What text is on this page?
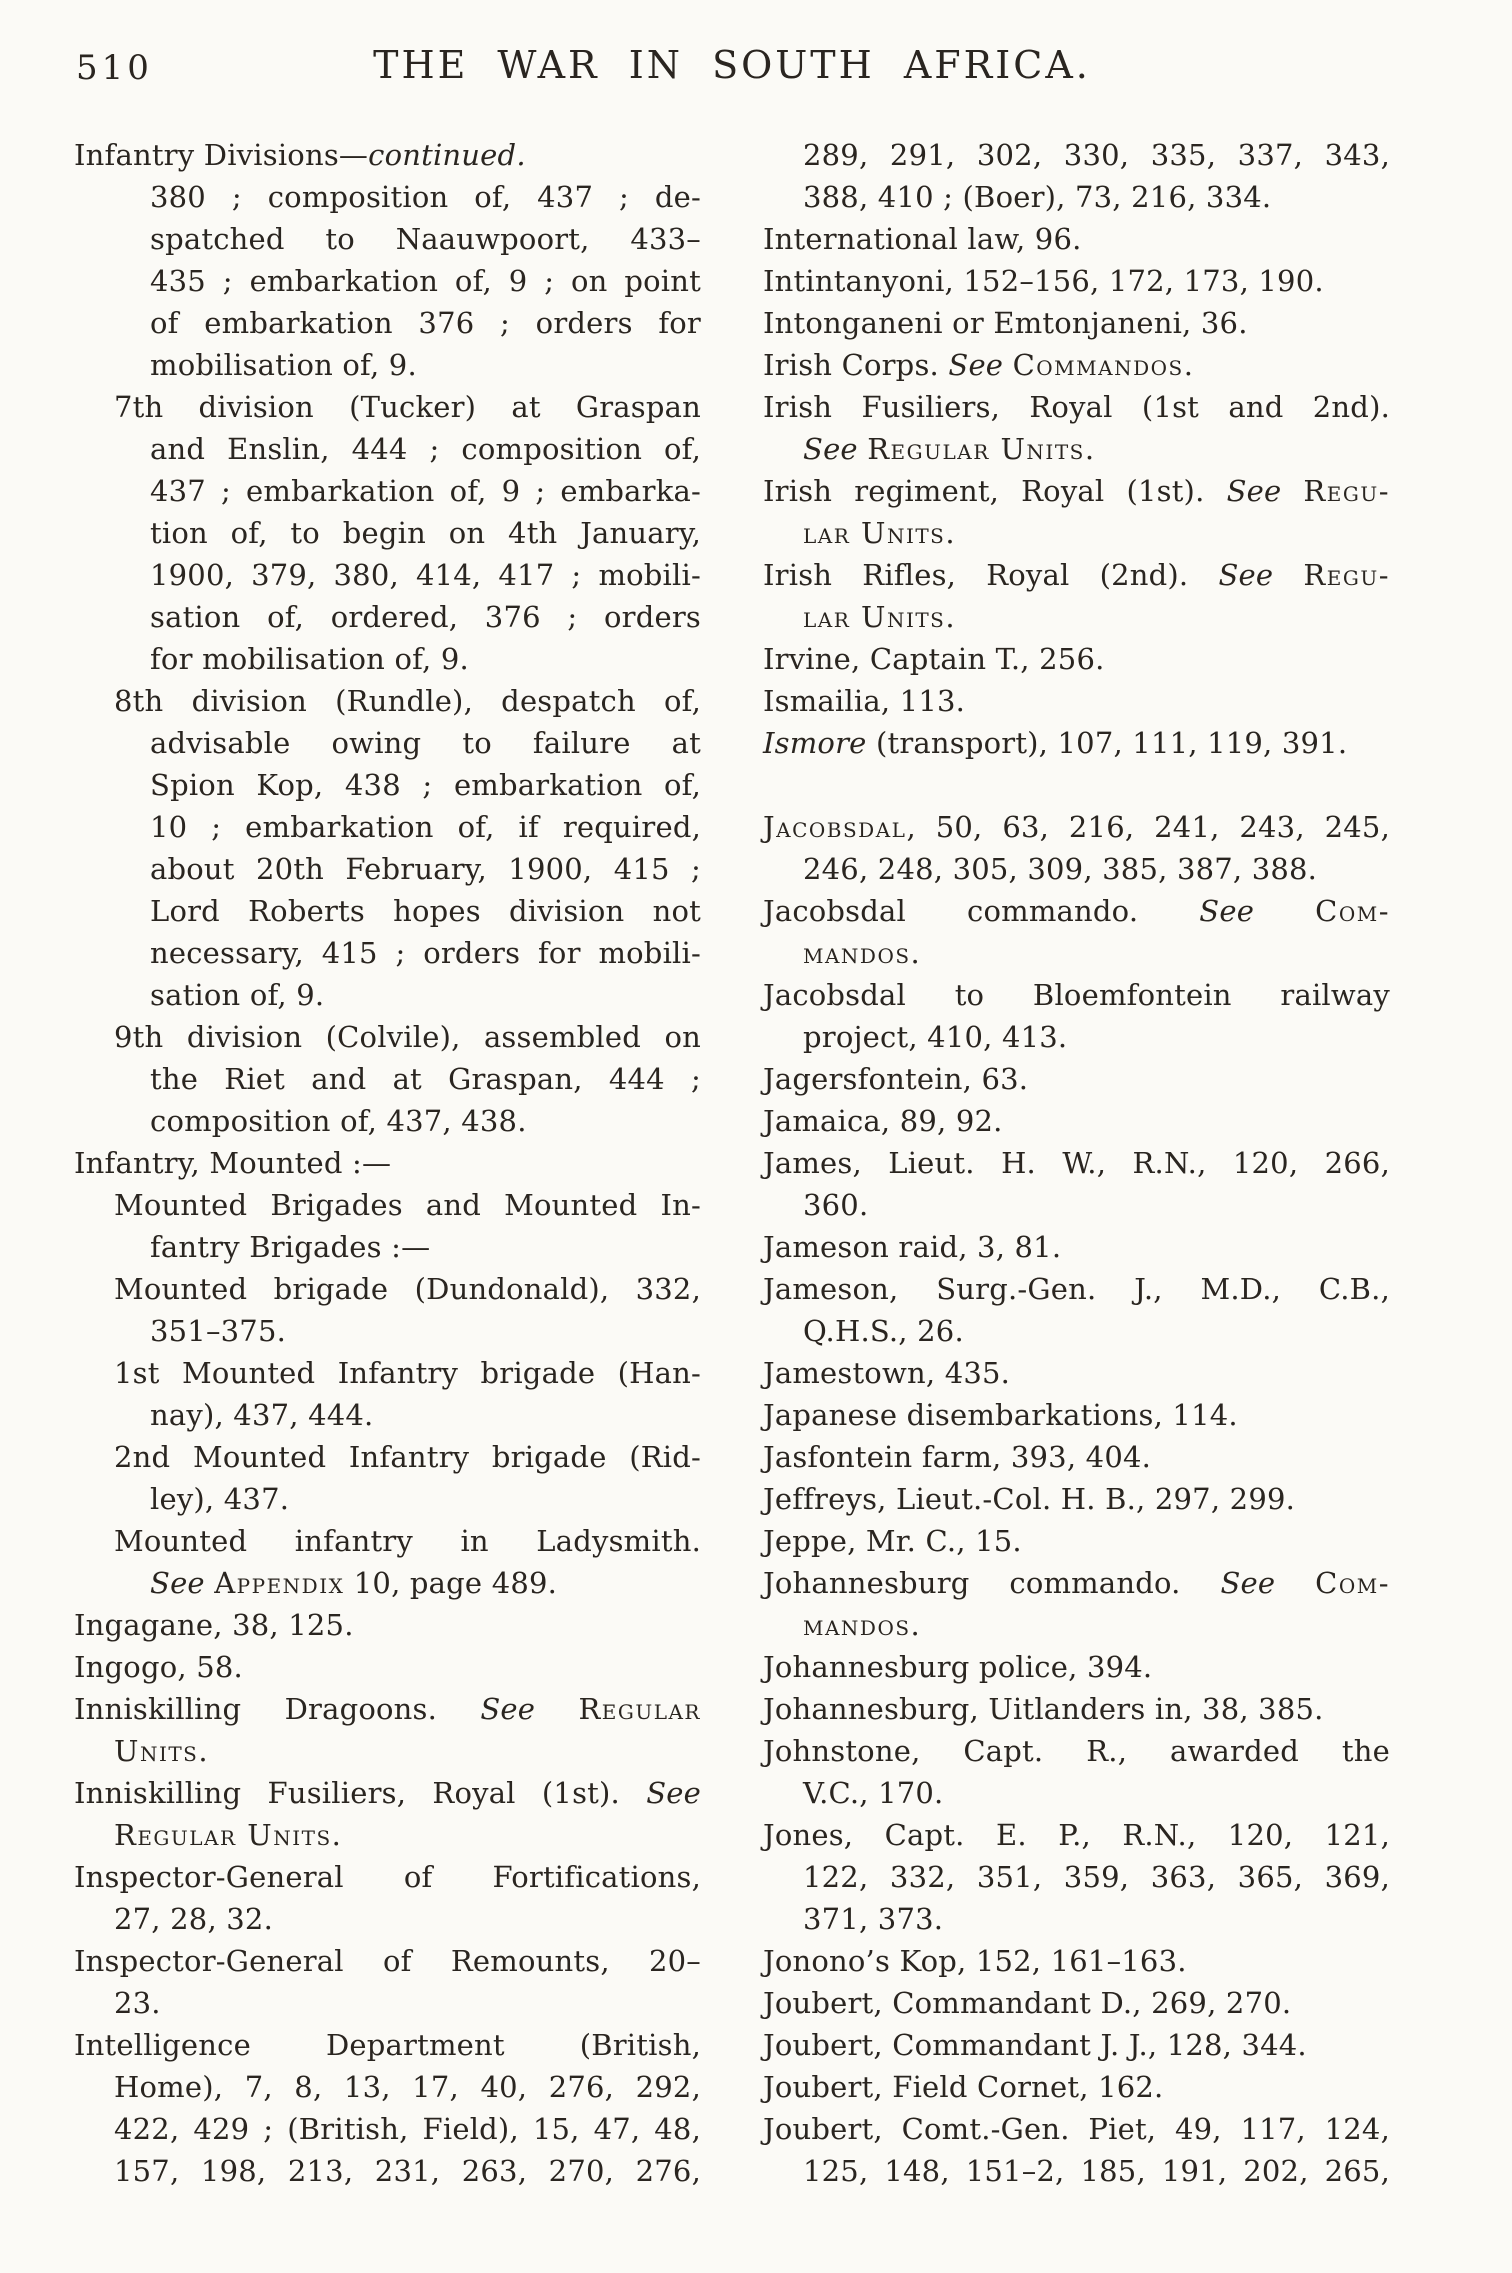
510	THE WAR IN SOUTH AFRICA.
Infantry Divisions—continued.
380 ; composition of, 437 ; de-
spatched to Naauwpoort, 433–
435 ; embarkation of, 9 ; on point
of embarkation 376 ; orders for
mobilisation of, 9.
7th division (Tucker) at Graspan
and Enslin, 444 ; composition of,
437 ; embarkation of, 9 ; embarka-
tion of, to begin on 4th January,
1900, 379, 380, 414, 417 ; mobili-
sation of, ordered, 376 ; orders
for mobilisation of, 9.
8th division (Rundle), despatch of,
advisable owing to failure at
Spion Kop, 438 ; embarkation of,
10 ; embarkation of, if required,
about 20th February, 1900, 415 ;
Lord Roberts hopes division not
necessary, 415 ; orders for mobili-
sation of, 9.
9th division (Colvile), assembled on
the Riet and at Graspan, 444 ;
composition of, 437, 438.
Infantry, Mounted :—
Mounted Brigades and Mounted In-
fantry Brigades :—
Mounted brigade (Dundonald), 332,
351–375.
1st Mounted Infantry brigade (Han-
nay), 437, 444.
2nd Mounted Infantry brigade (Rid-
ley), 437.
Mounted infantry in Ladysmith.
See Appendix 10, page 489.
Ingagane, 38, 125.
Ingogo, 58.
Inniskilling Dragoons. See Regular
Units.
Inniskilling Fusiliers, Royal (1st). See
Regular Units.
Inspector-General of Fortifications,
27, 28, 32.
Inspector-General of Remounts, 20–
23.
Intelligence Department (British,
Home), 7, 8, 13, 17, 40, 276, 292,
422, 429 ; (British, Field), 15, 47, 48,
157, 198, 213, 231, 263, 270, 276,
289, 291, 302, 330, 335, 337, 343,
388, 410 ; (Boer), 73, 216, 334.
International law, 96.
Intintanyoni, 152–156, 172, 173, 190.
Intonganeni or Emtonjaneni, 36.
Irish Corps. See Commandos.
Irish Fusiliers, Royal (1st and 2nd).
See Regular Units.
Irish regiment, Royal (1st). See Regu-
lar Units.
Irish Rifles, Royal (2nd). See Regu-
lar Units.
Irvine, Captain T., 256.
Ismailia, 113.
Ismore (transport), 107, 111, 119, 391.
Jacobsdal, 50, 63, 216, 241, 243, 245,
246, 248, 305, 309, 385, 387, 388.
Jacobsdal commando. See Com-
mandos.
Jacobsdal to Bloemfontein railway
project, 410, 413.
Jagersfontein, 63.
Jamaica, 89, 92.
James, Lieut. H. W., R.N., 120, 266,
360.
Jameson raid, 3, 81.
Jameson, Surg.-Gen. J., M.D., C.B.,
Q.H.S., 26.
Jamestown, 435.
Japanese disembarkations, 114.
Jasfontein farm, 393, 404.
Jeffreys, Lieut.-Col. H. B., 297, 299.
Jeppe, Mr. C., 15.
Johannesburg commando. See Com-
mandos.
Johannesburg police, 394.
Johannesburg, Uitlanders in, 38, 385.
Johnstone, Capt. R., awarded the
V.C., 170.
Jones, Capt. E. P., R.N., 120, 121,
122, 332, 351, 359, 363, 365, 369,
371, 373.
Jonono’s Kop, 152, 161–163.
Joubert, Commandant D., 269, 270.
Joubert, Commandant J. J., 128, 344.
Joubert, Field Cornet, 162.
Joubert, Comt.-Gen. Piet, 49, 117, 124,
125, 148, 151–2, 185, 191, 202, 265,
